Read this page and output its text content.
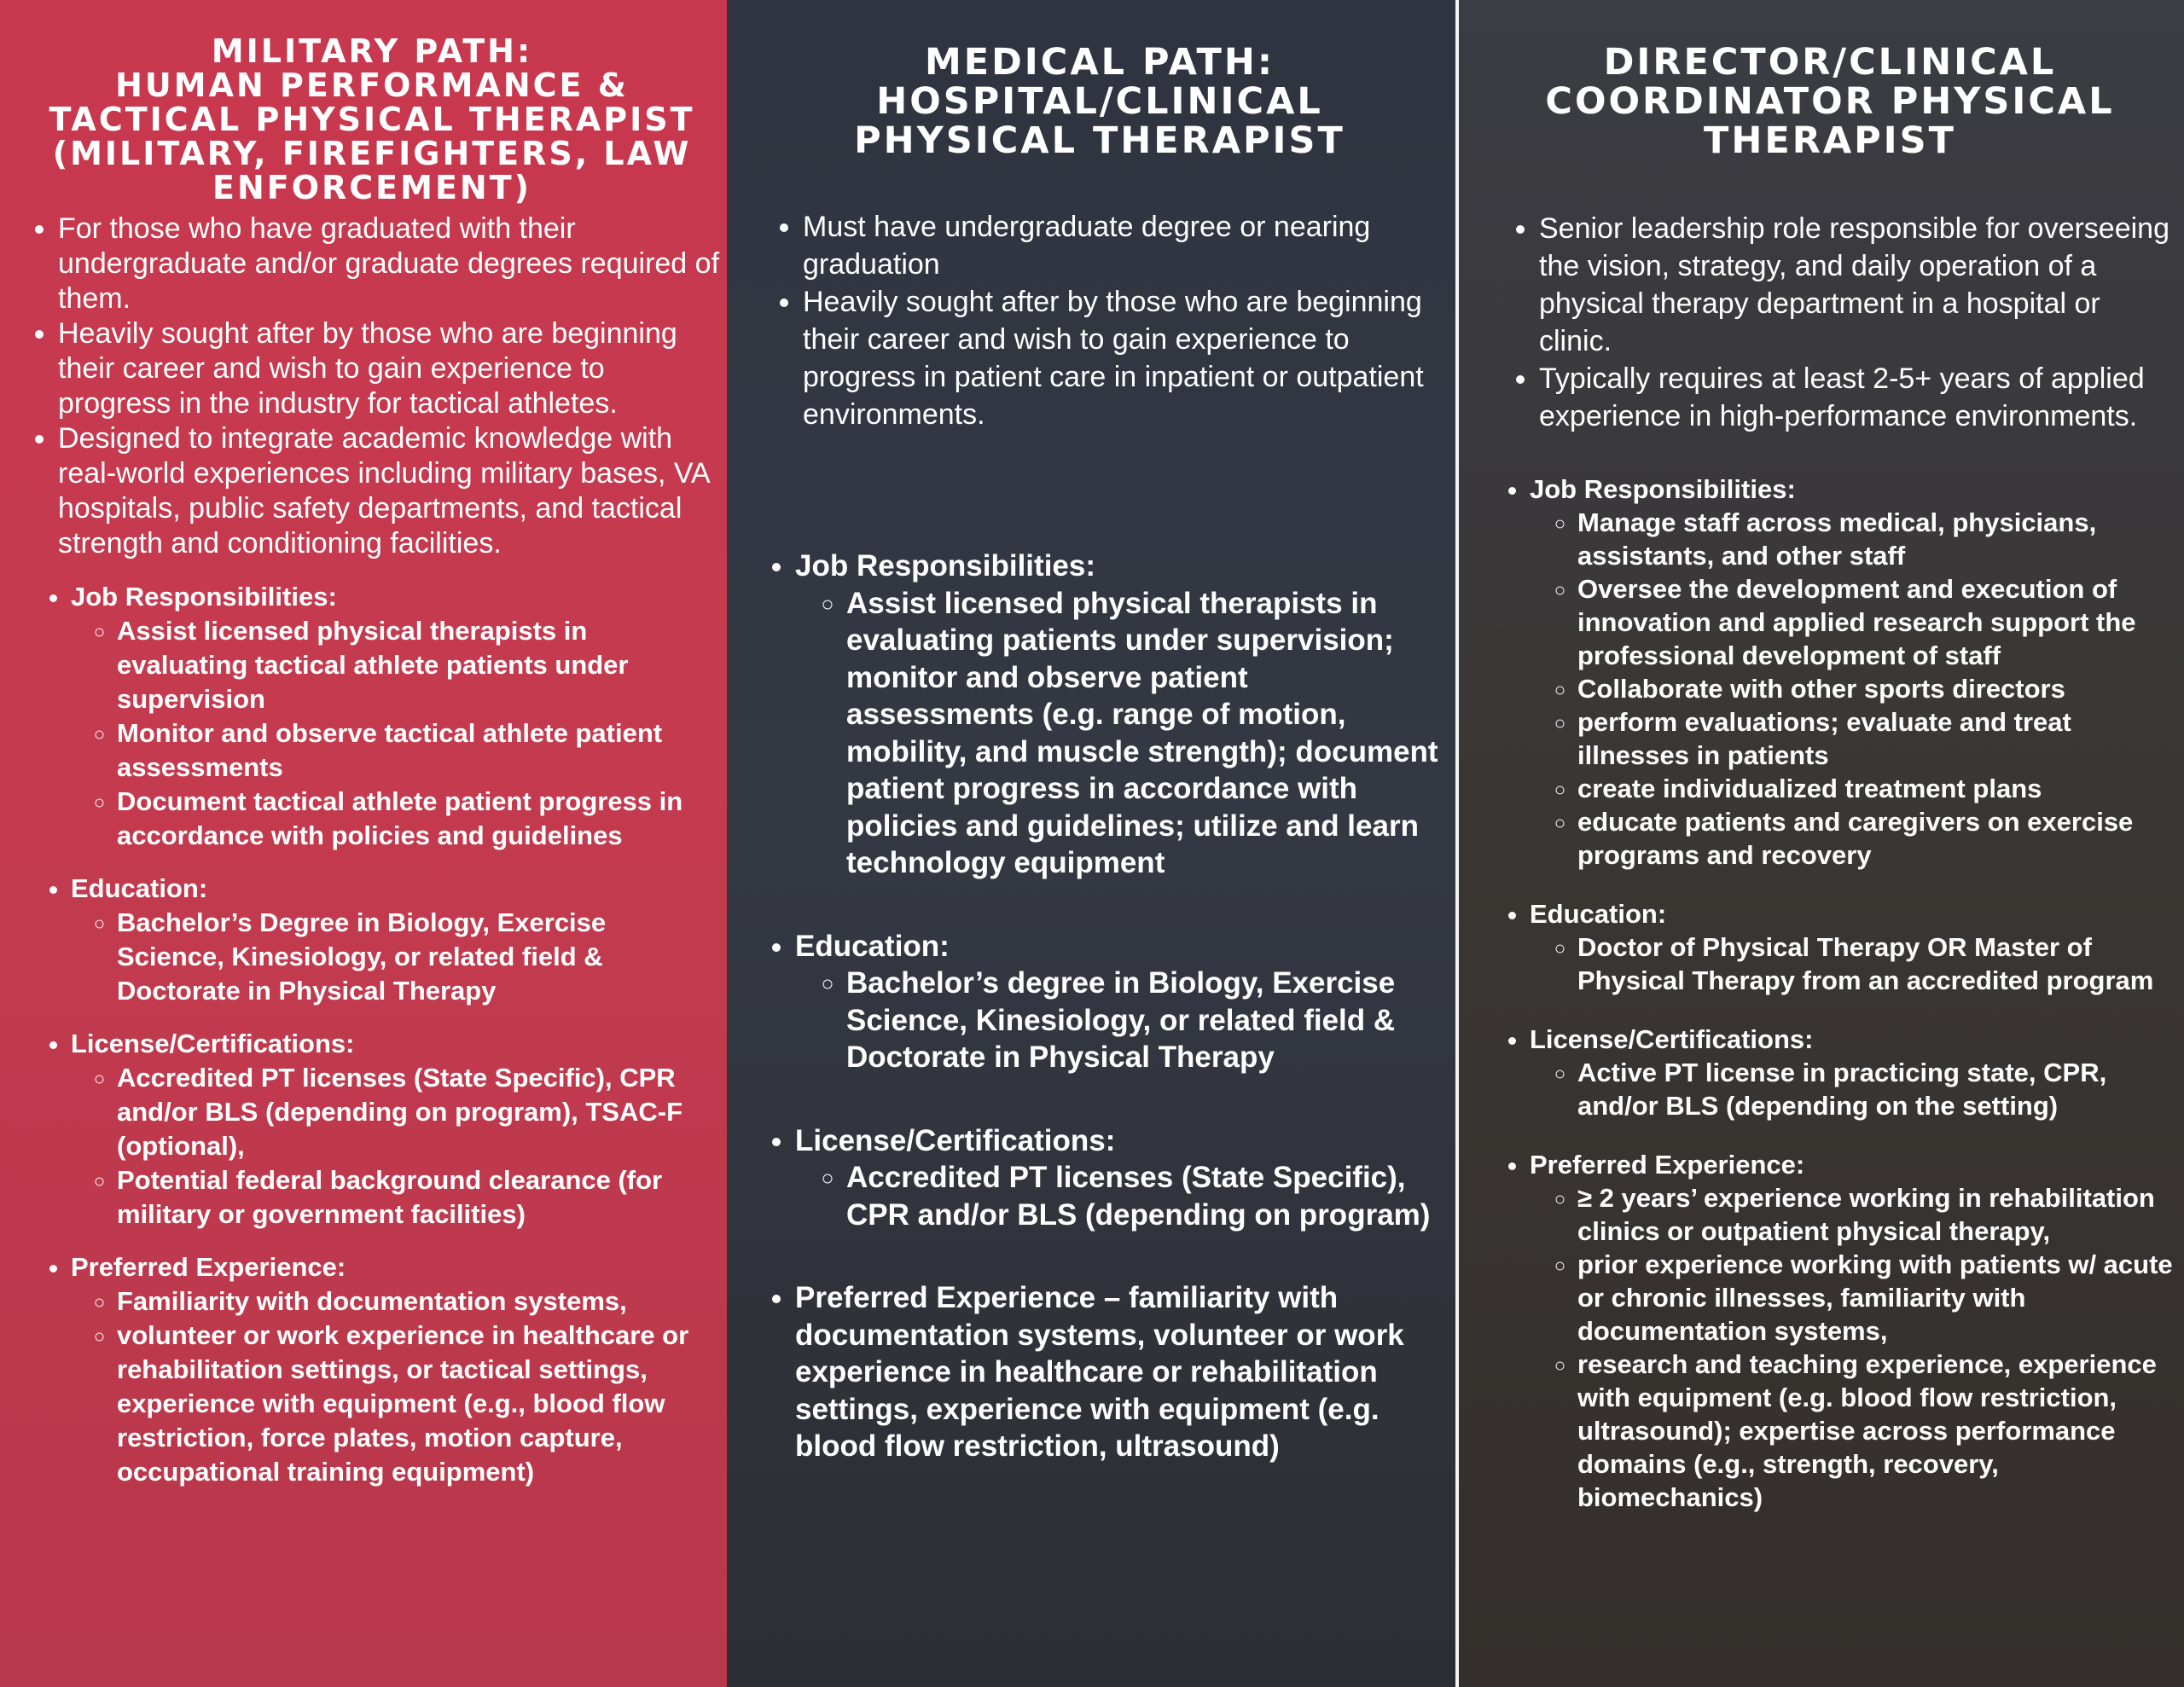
MILITARY PATH:
HUMAN PERFORMANCE &
TACTICAL PHYSICAL THERAPIST
(MILITARY, FIREFIGHTERS, LAW
ENFORCEMENT)
• For those who have graduated with their undergraduate and/or graduate degrees required of them.
• Heavily sought after by those who are beginning their career and wish to gain experience to progress in the industry for tactical athletes.
• Designed to integrate academic knowledge with real-world experiences including military bases, VA hospitals, public safety departments, and tactical strength and conditioning facilities.
• Job Responsibilities:
◦ Assist licensed physical therapists in evaluating tactical athlete patients under supervision
◦ Monitor and observe tactical athlete patient assessments
◦ Document tactical athlete patient progress in accordance with policies and guidelines
• Education:
◦ Bachelor’s Degree in Biology, Exercise Science, Kinesiology, or related field & Doctorate in Physical Therapy
• License/Certifications:
◦ Accredited PT licenses (State Specific), CPR and/or BLS (depending on program), TSAC-F (optional),
◦ Potential federal background clearance (for military or government facilities)
• Preferred Experience:
◦ Familiarity with documentation systems,
◦ volunteer or work experience in healthcare or rehabilitation settings, or tactical settings, experience with equipment (e.g., blood flow restriction, force plates, motion capture, occupational training equipment)
MEDICAL PATH:
HOSPITAL/CLINICAL
PHYSICAL THERAPIST
• Must have undergraduate degree or nearing graduation
• Heavily sought after by those who are beginning their career and wish to gain experience to progress in patient care in inpatient or outpatient environments.
• Job Responsibilities:
◦ Assist licensed physical therapists in evaluating patients under supervision; monitor and observe patient assessments (e.g. range of motion, mobility, and muscle strength); document patient progress in accordance with policies and guidelines; utilize and learn technology equipment
• Education:
◦ Bachelor’s degree in Biology, Exercise Science, Kinesiology, or related field & Doctorate in Physical Therapy
• License/Certifications:
◦ Accredited PT licenses (State Specific), CPR and/or BLS (depending on program)
• Preferred Experience – familiarity with documentation systems, volunteer or work experience in healthcare or rehabilitation settings, experience with equipment (e.g. blood flow restriction, ultrasound)
DIRECTOR/CLINICAL
COORDINATOR PHYSICAL
THERAPIST
• Senior leadership role responsible for overseeing the vision, strategy, and daily operation of a physical therapy department in a hospital or clinic.
• Typically requires at least 2-5+ years of applied experience in high-performance environments.
• Job Responsibilities:
◦ Manage staff across medical, physicians, assistants, and other staff
◦ Oversee the development and execution of innovation and applied research support the professional development of staff
◦ Collaborate with other sports directors
◦ perform evaluations; evaluate and treat illnesses in patients
◦ create individualized treatment plans
◦ educate patients and caregivers on exercise programs and recovery
• Education:
◦ Doctor of Physical Therapy OR Master of Physical Therapy from an accredited program
• License/Certifications:
◦ Active PT license in practicing state, CPR, and/or BLS (depending on the setting)
• Preferred Experience:
◦ ≥ 2 years’ experience working in rehabilitation clinics or outpatient physical therapy,
◦ prior experience working with patients w/ acute or chronic illnesses, familiarity with documentation systems,
◦ research and teaching experience, experience with equipment (e.g. blood flow restriction, ultrasound); expertise across performance domains (e.g., strength, recovery, biomechanics)
